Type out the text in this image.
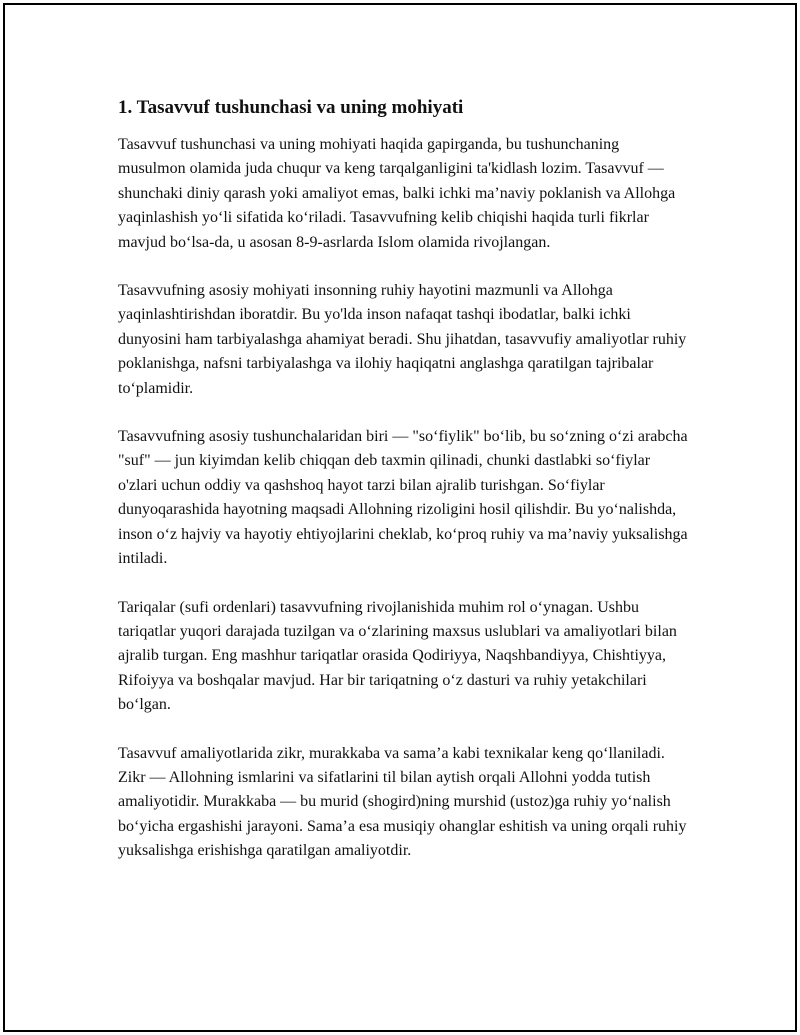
1. Tasavvuf tushunchasi va uning mohiyati

Tasavvuf tushunchasi va uning mohiyati haqida gapirganda, bu tushunchaning musulmon olamida juda chuqur va keng tarqalganligini ta'kidlash lozim. Tasavvuf — shunchaki diniy qarash yoki amaliyot emas, balki ichki ma’naviy poklanish va Allohga yaqinlashish yo‘li sifatida ko‘riladi. Tasavvufning kelib chiqishi haqida turli fikrlar mavjud bo‘lsa-da, u asosan 8-9-asrlarda Islom olamida rivojlangan.

Tasavvufning asosiy mohiyati insonning ruhiy hayotini mazmunli va Allohga yaqinlashtirishdan iboratdir. Bu yo'lda inson nafaqat tashqi ibodatlar, balki ichki dunyosini ham tarbiyalashga ahamiyat beradi. Shu jihatdan, tasavvufiy amaliyotlar ruhiy poklanishga, nafsni tarbiyalashga va ilohiy haqiqatni anglashga qaratilgan tajribalar to‘plamidir.

Tasavvufning asosiy tushunchalaridan biri — "so‘fiylik" bo‘lib, bu so‘zning o‘zi arabcha "suf" — jun kiyimdan kelib chiqqan deb taxmin qilinadi, chunki dastlabki so‘fiylar o'zlari uchun oddiy va qashshoq hayot tarzi bilan ajralib turishgan. So‘fiylar dunyoqarashida hayotning maqsadi Allohning rizoligini hosil qilishdir. Bu yo‘nalishda, inson o‘z hajviy va hayotiy ehtiyojlarini cheklab, ko‘proq ruhiy va ma’naviy yuksalishga intiladi.

Tariqalar (sufi ordenlari) tasavvufning rivojlanishida muhim rol o‘ynagan. Ushbu tariqatlar yuqori darajada tuzilgan va o‘zlarining maxsus uslublari va amaliyotlari bilan ajralib turgan. Eng mashhur tariqatlar orasida Qodiriyya, Naqshbandiyya, Chishtiyya, Rifoiyya va boshqalar mavjud. Har bir tariqatning o‘z dasturi va ruhiy yetakchilari bo‘lgan.

Tasavvuf amaliyotlarida zikr, murakkaba va sama’a kabi texnikalar keng qo‘llaniladi. Zikr — Allohning ismlarini va sifatlarini til bilan aytish orqali Allohni yodda tutish amaliyotidir. Murakkaba — bu murid (shogird)ning murshid (ustoz)ga ruhiy yo‘nalish bo‘yicha ergashishi jarayoni. Sama’a esa musiqiy ohanglar eshitish va uning orqali ruhiy yuksalishga erishishga qaratilgan amaliyotdir.
